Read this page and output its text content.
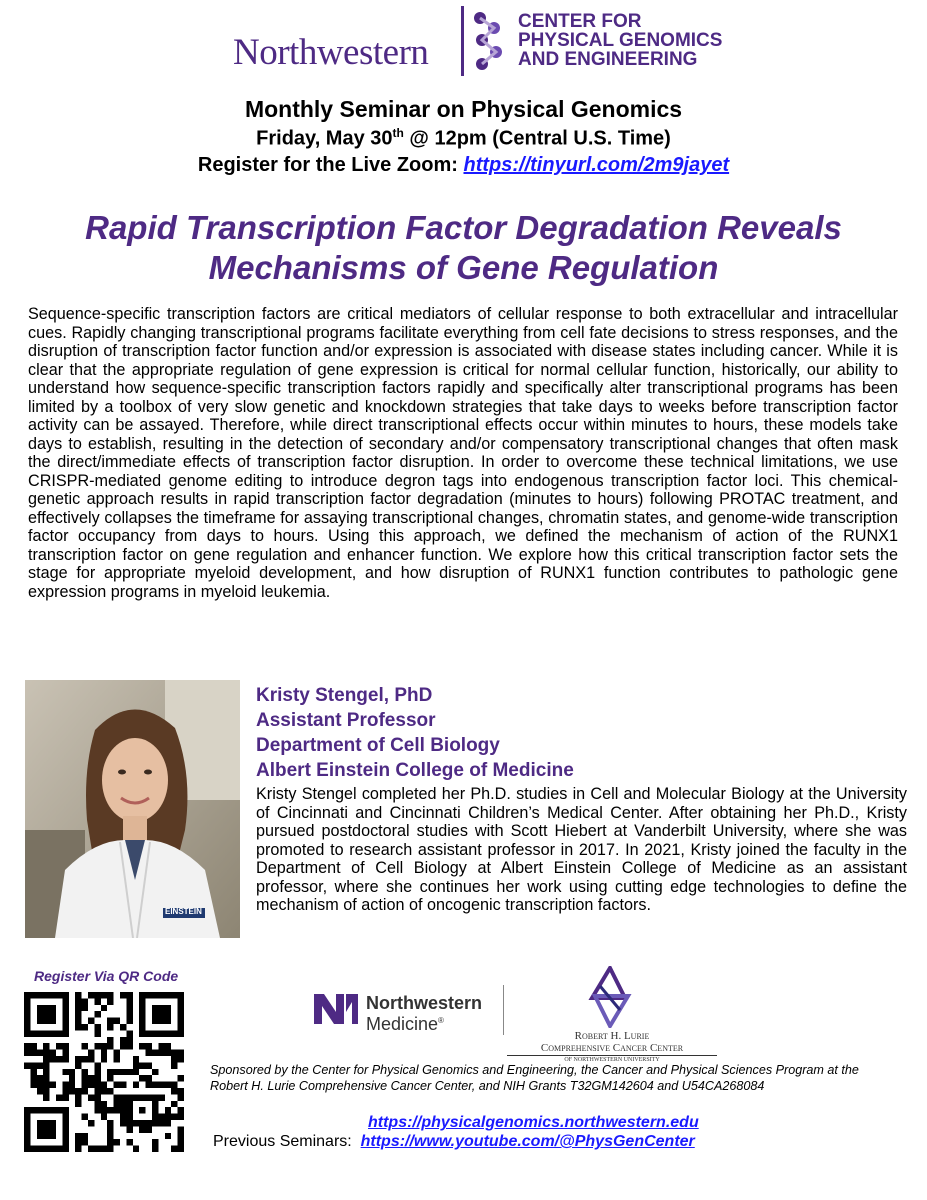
Northwestern
CENTER FOR
PHYSICAL GENOMICS
AND ENGINEERING
Monthly Seminar on Physical Genomics
Friday, May 30th @ 12pm (Central U.S. Time)
Register for the Live Zoom: https://tinyurl.com/2m9jayet
Rapid Transcription Factor Degradation Reveals
Mechanisms of Gene Regulation
Sequence-specific transcription factors are critical mediators of cellular response to both extracellular and intracellular cues. Rapidly changing transcriptional programs facilitate everything from cell fate decisions to stress responses, and the disruption of transcription factor function and/or expression is associated with disease states including cancer. While it is clear that the appropriate regulation of gene expression is critical for normal cellular function, historically, our ability to understand how sequence-specific transcription factors rapidly and specifically alter transcriptional programs has been limited by a toolbox of very slow genetic and knockdown strategies that take days to weeks before transcription factor activity can be assayed. Therefore, while direct transcriptional effects occur within minutes to hours, these models take days to establish, resulting in the detection of secondary and/or compensatory transcriptional changes that often mask the direct/immediate effects of transcription factor disruption. In order to overcome these technical limitations, we use CRISPR-mediated genome editing to introduce degron tags into endogenous transcription factor loci. This chemical-genetic approach results in rapid transcription factor degradation (minutes to hours) following PROTAC treatment, and effectively collapses the timeframe for assaying transcriptional changes, chromatin states, and genome-wide transcription factor occupancy from days to hours. Using this approach, we defined the mechanism of action of the RUNX1 transcription factor on gene regulation and enhancer function. We explore how this critical transcription factor sets the stage for appropriate myeloid development, and how disruption of RUNX1 function contributes to pathologic gene expression programs in myeloid leukemia.
EINSTEIN
Kristy Stengel, PhD
Assistant Professor
Department of Cell Biology
Albert Einstein College of Medicine
Kristy Stengel completed her Ph.D. studies in Cell and Molecular Biology at the University of Cincinnati and Cincinnati Children’s Medical Center. After obtaining her Ph.D., Kristy pursued postdoctoral studies with Scott Hiebert at Vanderbilt University, where she was promoted to research assistant professor in 2017. In 2021, Kristy joined the faculty in the Department of Cell Biology at Albert Einstein College of Medicine as an assistant professor, where she continues her work using cutting edge technologies to define the mechanism of action of oncogenic transcription factors.
Register Via QR Code
Northwestern
Medicine®
Robert H. Lurie
Comprehensive Cancer Center
OF NORTHWESTERN UNIVERSITY
Sponsored by the Center for Physical Genomics and Engineering, the Cancer and Physical Sciences Program at the Robert H. Lurie Comprehensive Cancer Center, and NIH Grants T32GM142604 and U54CA268084
https://physicalgenomics.northwestern.edu
Previous Seminars:  https://www.youtube.com/@PhysGenCenter
